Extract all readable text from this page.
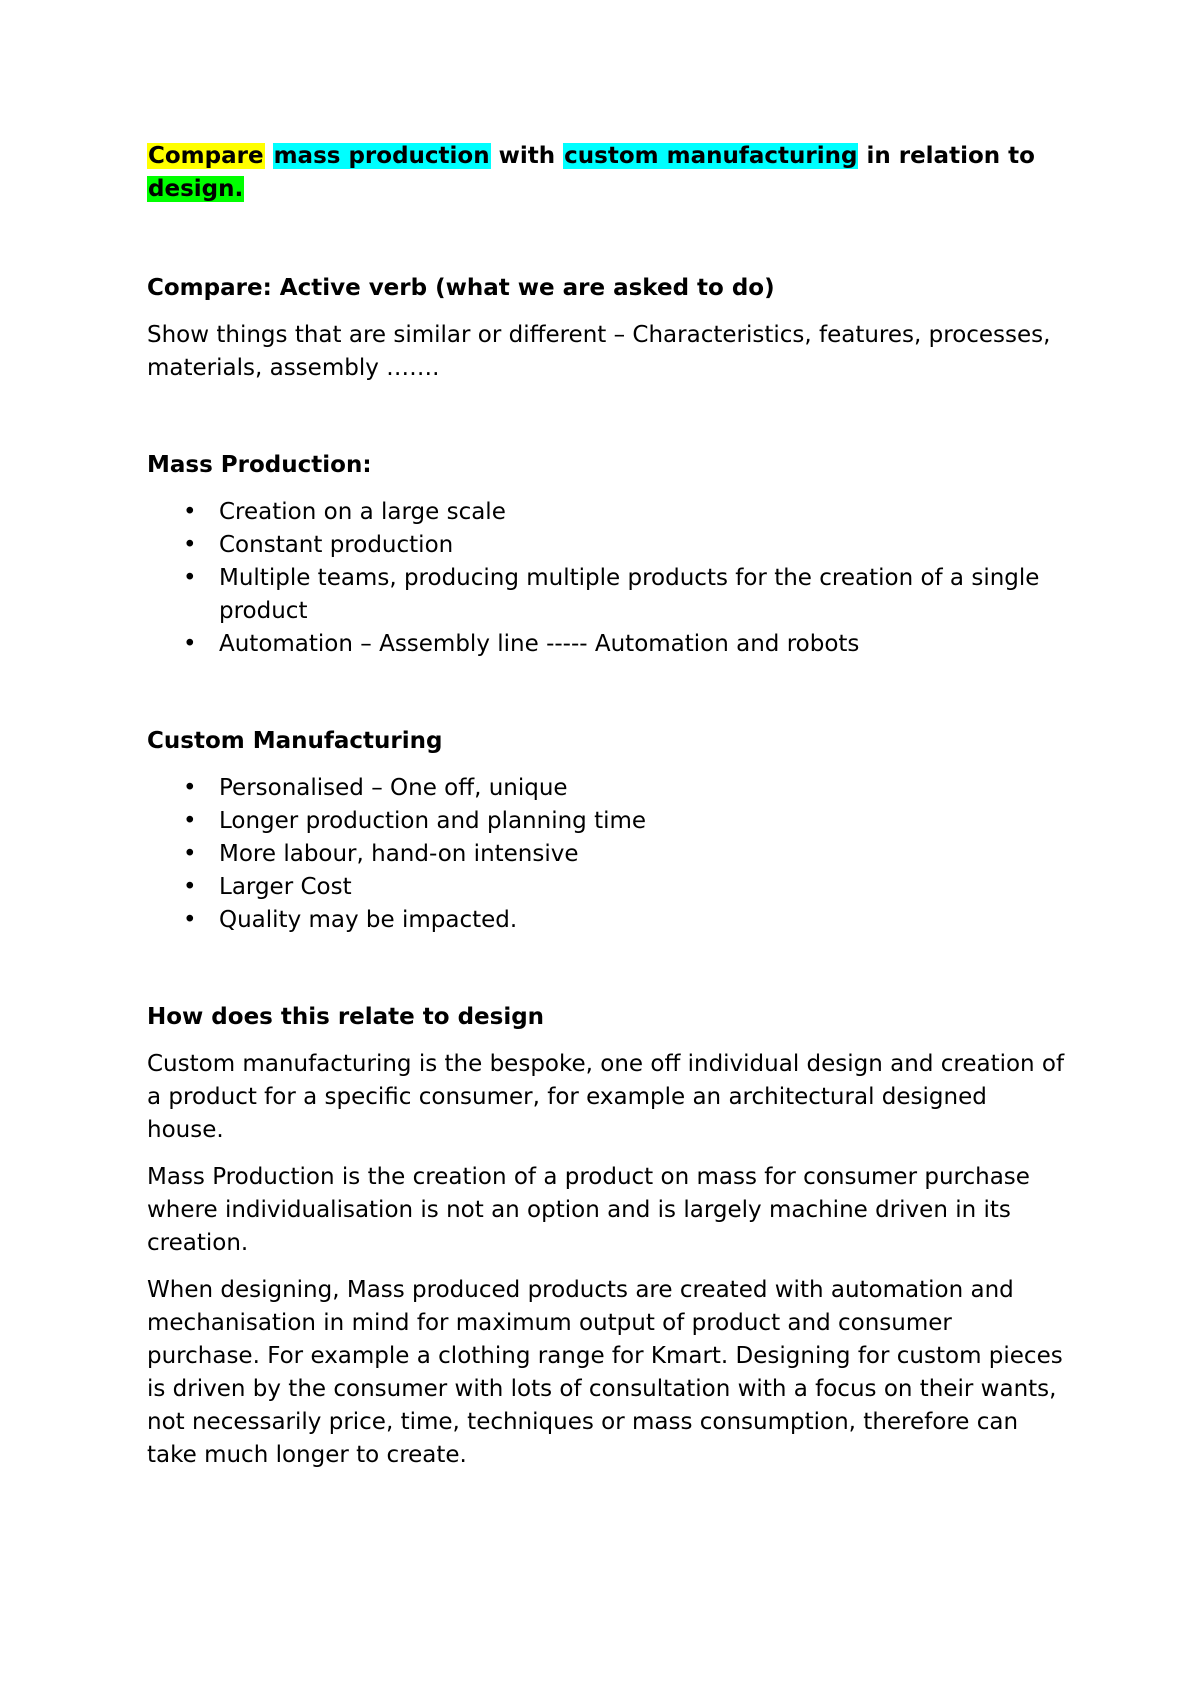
Compare mass production with custom manufacturing in relation to design.

Compare: Active verb (what we are asked to do)

Show things that are similar or different – Characteristics, features, processes, materials, assembly …….

Mass Production:

• Creation on a large scale
• Constant production
• Multiple teams, producing multiple products for the creation of a single product
• Automation – Assembly line ----- Automation and robots

Custom Manufacturing

• Personalised – One off, unique
• Longer production and planning time
• More labour, hand-on intensive
• Larger Cost
• Quality may be impacted.

How does this relate to design

Custom manufacturing is the bespoke, one off individual design and creation of a product for a specific consumer, for example an architectural designed house.

Mass Production is the creation of a product on mass for consumer purchase where individualisation is not an option and is largely machine driven in its creation.

When designing, Mass produced products are created with automation and mechanisation in mind for maximum output of product and consumer purchase. For example a clothing range for Kmart. Designing for custom pieces is driven by the consumer with lots of consultation with a focus on their wants, not necessarily price, time, techniques or mass consumption, therefore can take much longer to create.
